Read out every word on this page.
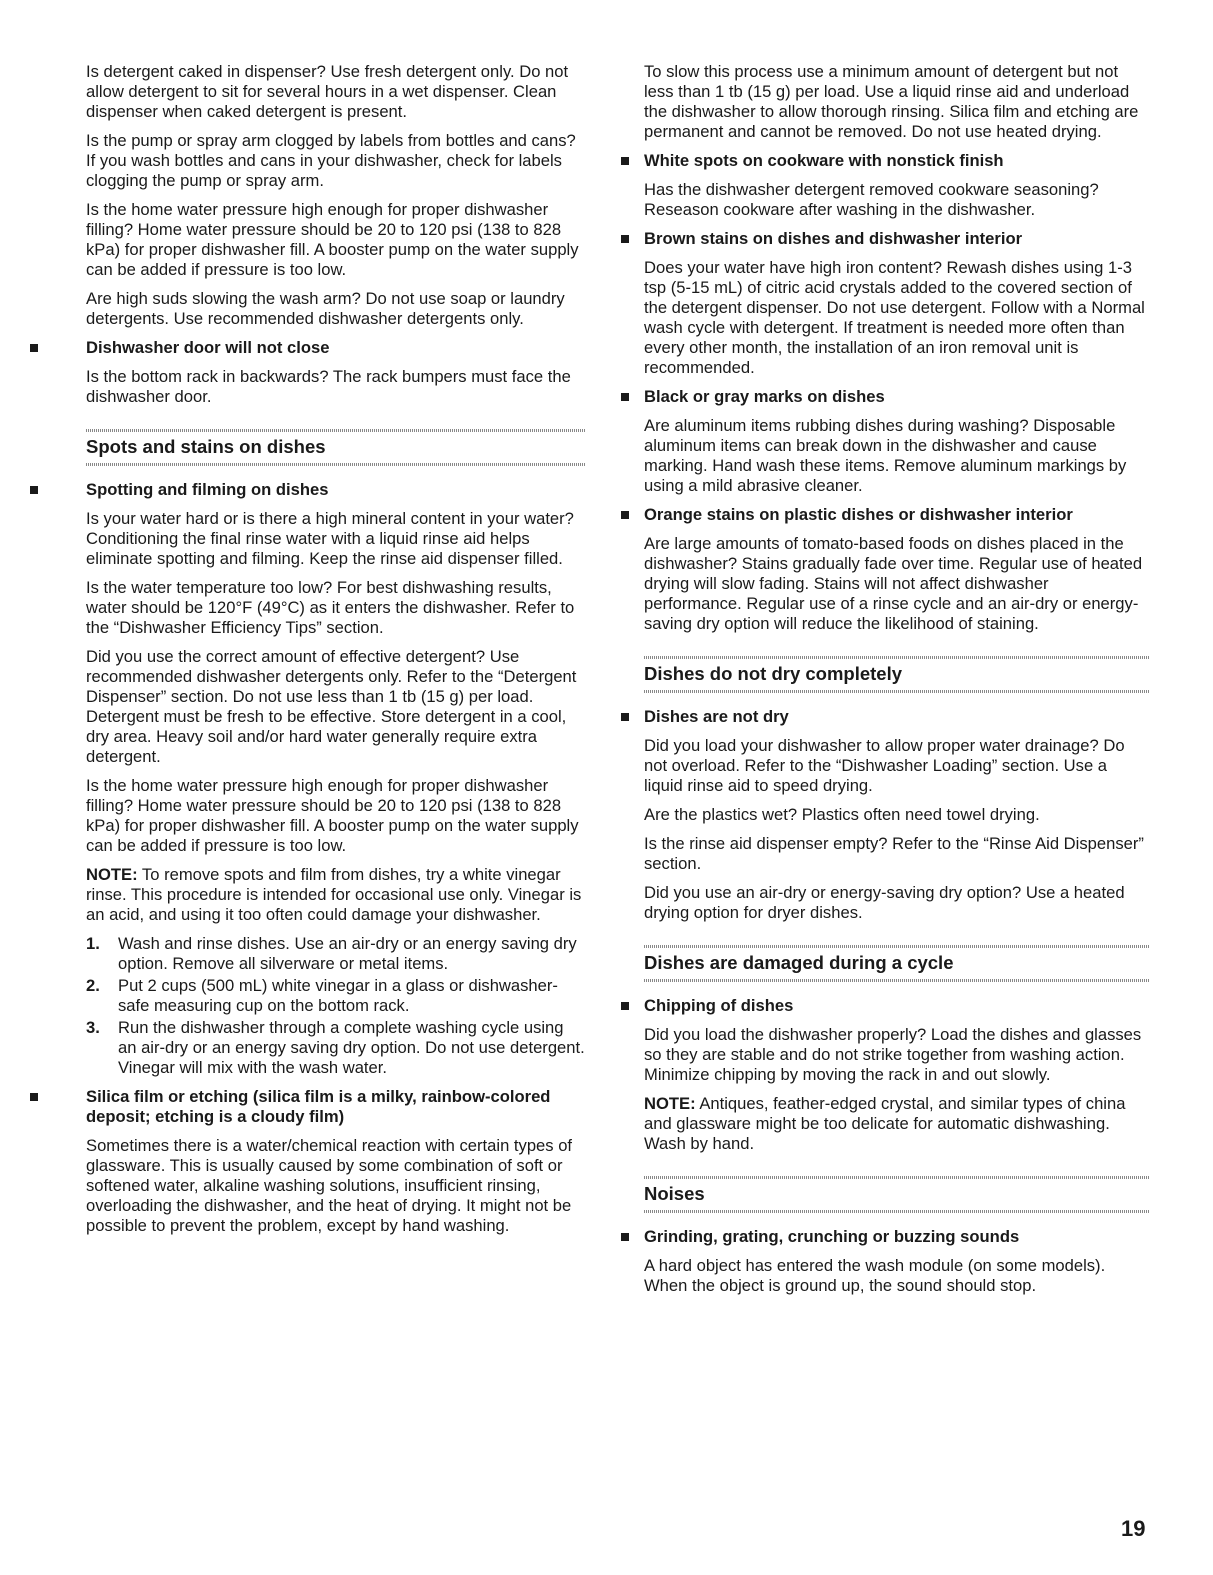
Is detergent caked in dispenser? Use fresh detergent only. Do not allow detergent to sit for several hours in a wet dispenser. Clean dispenser when caked detergent is present.

Is the pump or spray arm clogged by labels from bottles and cans? If you wash bottles and cans in your dishwasher, check for labels clogging the pump or spray arm.

Is the home water pressure high enough for proper dishwasher filling? Home water pressure should be 20 to 120 psi (138 to 828 kPa) for proper dishwasher fill. A booster pump on the water supply can be added if pressure is too low.

Are high suds slowing the wash arm? Do not use soap or laundry detergents. Use recommended dishwasher detergents only.

Dishwasher door will not close

Is the bottom rack in backwards? The rack bumpers must face the dishwasher door.

Spots and stains on dishes
Spotting and filming on dishes

Is your water hard or is there a high mineral content in your water? Conditioning the final rinse water with a liquid rinse aid helps eliminate spotting and filming. Keep the rinse aid dispenser filled.

Is the water temperature too low? For best dishwashing results, water should be 120°F (49°C) as it enters the dishwasher. Refer to the “Dishwasher Efficiency Tips” section.

Did you use the correct amount of effective detergent? Use recommended dishwasher detergents only. Refer to the “Detergent Dispenser” section. Do not use less than 1 tb (15 g) per load. Detergent must be fresh to be effective. Store detergent in a cool, dry area. Heavy soil and/or hard water generally require extra detergent.

Is the home water pressure high enough for proper dishwasher filling? Home water pressure should be 20 to 120 psi (138 to 828 kPa) for proper dishwasher fill. A booster pump on the water supply can be added if pressure is too low.

NOTE: To remove spots and film from dishes, try a white vinegar rinse. This procedure is intended for occasional use only. Vinegar is an acid, and using it too often could damage your dishwasher.

1. Wash and rinse dishes. Use an air-dry or an energy saving dry option. Remove all silverware or metal items.
2. Put 2 cups (500 mL) white vinegar in a glass or dishwasher-safe measuring cup on the bottom rack.
3. Run the dishwasher through a complete washing cycle using an air-dry or an energy saving dry option. Do not use detergent. Vinegar will mix with the wash water.
Silica film or etching (silica film is a milky, rainbow-colored deposit; etching is a cloudy film)

Sometimes there is a water/chemical reaction with certain types of glassware. This is usually caused by some combination of soft or softened water, alkaline washing solutions, insufficient rinsing, overloading the dishwasher, and the heat of drying. It might not be possible to prevent the problem, except by hand washing.

To slow this process use a minimum amount of detergent but not less than 1 tb (15 g) per load. Use a liquid rinse aid and underload the dishwasher to allow thorough rinsing. Silica film and etching are permanent and cannot be removed. Do not use heated drying.

White spots on cookware with nonstick finish

Has the dishwasher detergent removed cookware seasoning? Reseason cookware after washing in the dishwasher.

Brown stains on dishes and dishwasher interior

Does your water have high iron content? Rewash dishes using 1-3 tsp (5-15 mL) of citric acid crystals added to the covered section of the detergent dispenser. Do not use detergent. Follow with a Normal wash cycle with detergent. If treatment is needed more often than every other month, the installation of an iron removal unit is recommended.

Black or gray marks on dishes

Are aluminum items rubbing dishes during washing? Disposable aluminum items can break down in the dishwasher and cause marking. Hand wash these items. Remove aluminum markings by using a mild abrasive cleaner.

Orange stains on plastic dishes or dishwasher interior

Are large amounts of tomato-based foods on dishes placed in the dishwasher? Stains gradually fade over time. Regular use of heated drying will slow fading. Stains will not affect dishwasher performance. Regular use of a rinse cycle and an air-dry or energy-saving dry option will reduce the likelihood of staining.

Dishes do not dry completely
Dishes are not dry

Did you load your dishwasher to allow proper water drainage? Do not overload. Refer to the “Dishwasher Loading” section. Use a liquid rinse aid to speed drying.

Are the plastics wet? Plastics often need towel drying.

Is the rinse aid dispenser empty? Refer to the “Rinse Aid Dispenser” section.

Did you use an air-dry or energy-saving dry option? Use a heated drying option for dryer dishes.

Dishes are damaged during a cycle
Chipping of dishes

Did you load the dishwasher properly? Load the dishes and glasses so they are stable and do not strike together from washing action. Minimize chipping by moving the rack in and out slowly.

NOTE: Antiques, feather-edged crystal, and similar types of china and glassware might be too delicate for automatic dishwashing. Wash by hand.

Noises
Grinding, grating, crunching or buzzing sounds

A hard object has entered the wash module (on some models). When the object is ground up, the sound should stop.

19
